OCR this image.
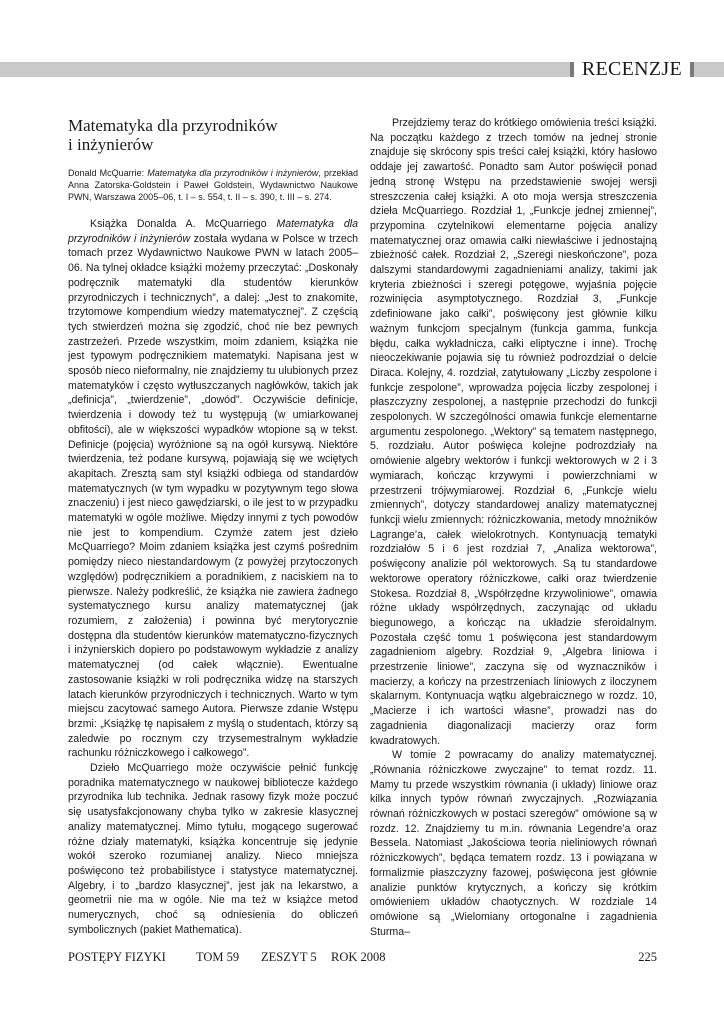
RECENZJE
Matematyka dla przyrodników
i inżynierów

Donald McQuarrie: Matematyka dla przyrodników i inżynierów, przekład Anna Zatorska-Goldstein i Paweł Goldstein, Wydawnictwo Naukowe PWN, Warszawa 2005–06, t. I – s. 554, t. II – s. 390, t. III – s. 274.

Książka Donalda A. McQuarriego Matematyka dla przyrodników i inżynierów została wydana w Polsce w trzech tomach przez Wydawnictwo Naukowe PWN w latach 2005–06. Na tylnej okładce książki możemy przeczytać: „Doskonały podręcznik matematyki dla studentów kierunków przyrodniczych i technicznych”, a dalej: „Jest to znakomite, trzytomowe kompendium wiedzy matematycznej”. Z częścią tych stwierdzeń można się zgodzić, choć nie bez pewnych zastrzeżeń. Przede wszystkim, moim zdaniem, książka nie jest typowym podręcznikiem matematyki. Napisana jest w sposób nieco nieformalny, nie znajdziemy tu ulubionych przez matematyków i często wytłuszczanych nagłówków, takich jak „definicja”, „twierdzenie”, „dowód”. Oczywiście definicje, twierdzenia i dowody też tu występują (w umiarkowanej obfitości), ale w większości wypadków wtopione są w tekst. Definicje (pojęcia) wyróżnione są na ogół kursywą. Niektóre twierdzenia, też podane kursywą, pojawiają się we wciętych akapitach. Zresztą sam styl książki odbiega od standardów matematycznych (w tym wypadku w pozytywnym tego słowa znaczeniu) i jest nieco gawędziarski, o ile jest to w przypadku matematyki w ogóle możliwe. Między innymi z tych powodów nie jest to kompendium. Czymże zatem jest dzieło McQuarriego? Moim zdaniem książka jest czymś pośrednim pomiędzy nieco niestandardowym (z powyżej przytoczonych względów) podręcznikiem a poradnikiem, z naciskiem na to pierwsze. Należy podkreślić, że książka nie zawiera żadnego systematycznego kursu analizy matematycznej (jak rozumiem, z założenia) i powinna być merytorycznie dostępna dla studentów kierunków matematyczno-fizycznych i inżynierskich dopiero po podstawowym wykładzie z analizy matematycznej (od całek włącznie). Ewentualne zastosowanie książki w roli podręcznika widzę na starszych latach kierunków przyrodniczych i technicznych. Warto w tym miejscu zacytować samego Autora. Pierwsze zdanie Wstępu brzmi: „Książkę tę napisałem z myślą o studentach, którzy są zaledwie po rocznym czy trzysemestralnym wykładzie rachunku różniczkowego i całkowego”.

Dzieło McQuarriego może oczywiście pełnić funkcję poradnika matematycznego w naukowej bibliotecze każdego przyrodnika lub technika. Jednak rasowy fizyk może poczuć się usatysfakcjonowany chyba tylko w zakresie klasycznej analizy matematycznej. Mimo tytułu, mogącego sugerować różne działy matematyki, książka koncentruje się jedynie wokół szeroko rozumianej analizy. Nieco mniejsza poświęcono też probabilistyce i statystyce matematycznej. Algebry, i to „bardzo klasycznej”, jest jak na lekarstwo, a geometrii nie ma w ogóle. Nie ma też w książce metod numerycznych, choć są odniesienia do obliczeń symbolicznych (pakiet Mathematica).

Przejdziemy teraz do krótkiego omówienia treści książki. Na początku każdego z trzech tomów na jednej stronie znajduje się skrócony spis treści całej książki, który hasłowo oddaje jej zawartość. Ponadto sam Autor poświęcił ponad jedną stronę Wstępu na przedstawienie swojej wersji streszczenia całej książki. A oto moja wersja streszczenia dzieła McQuarriego. Rozdział 1, „Funkcje jednej zmiennej”, przypomina czytelnikowi elementarne pojęcia analizy matematycznej oraz omawia całki niewłaściwe i jednostajną zbieżność całek. Rozdział 2, „Szeregi nieskończone”, poza dalszymi standardowymi zagadnieniami analizy, takimi jak kryteria zbieżności i szeregi potęgowe, wyjaśnia pojęcie rozwinięcia asymptotycznego. Rozdział 3, „Funkcje zdefiniowane jako całki”, poświęcony jest głównie kilku ważnym funkcjom specjalnym (funkcja gamma, funkcja błędu, całka wykładnicza, całki eliptyczne i inne). Trochę nieoczekiwanie pojawia się tu również podrozdział o delcie Diraca. Kolejny, 4. rozdział, zatytułowany „Liczby zespolone i funkcje zespolone”, wprowadza pojęcia liczby zespolonej i płaszczyzny zespolonej, a następnie przechodzi do funkcji zespolonych. W szczególności omawia funkcje elementarne argumentu zespolonego. „Wektory” są tematem następnego, 5. rozdziału. Autor poświęca kolejne podrozdziały na omówienie algebry wektorów i funkcji wektorowych w 2 i 3 wymiarach, kończąc krzywymi i powierzchniami w przestrzeni trójwymiarowej. Rozdział 6, „Funkcje wielu zmiennych”, dotyczy standardowej analizy matematycznej funkcji wielu zmiennych: różniczkowania, metody mnożników Lagrange’a, całek wielokrotnych. Kontynuacją tematyki rozdziałów 5 i 6 jest rozdział 7, „Analiza wektorowa”, poświęcony analizie pól wektorowych. Są tu standardowe wektorowe operatory różniczkowe, całki oraz twierdzenie Stokesa. Rozdział 8, „Współrzędne krzywoliniowe”, omawia różne układy współrzędnych, zaczynając od układu biegunowego, a kończąc na układzie sferoidalnym. Pozostała część tomu 1 poświęcona jest standardowym zagadnieniom algebry. Rozdział 9, „Algebra liniowa i przestrzenie liniowe”, zaczyna się od wyznaczników i macierzy, a kończy na przestrzeniach liniowych z iloczynem skalarnym. Kontynuacja wątku algebraicznego w rozdz. 10, „Macierze i ich wartości własne”, prowadzi nas do zagadnienia diagonalizacji macierzy oraz form kwadratowych.

W tomie 2 powracamy do analizy matematycznej. „Równania różniczkowe zwyczajne” to temat rozdz. 11. Mamy tu przede wszystkim równania (i układy) liniowe oraz kilka innych typów równań zwyczajnych. „Rozwiązania równań różniczkowych w postaci szeregów” omówione są w rozdz. 12. Znajdziemy tu m.in. równania Legendre’a oraz Bessela. Natomiast „Jakościowa teoria nieliniowych równań różniczkowych”, będąca tematem rozdz. 13 i powiązana w formalizmie płaszczyzny fazowej, poświęcona jest głównie analizie punktów krytycznych, a kończy się krótkim omówieniem układów chaotycznych. W rozdziale 14 omówione są „Wielomiany ortogonalne i zagadnienia Sturma–

POSTĘPY FIZYKI TOM 59 ZESZYT 5 ROK 2008	225
